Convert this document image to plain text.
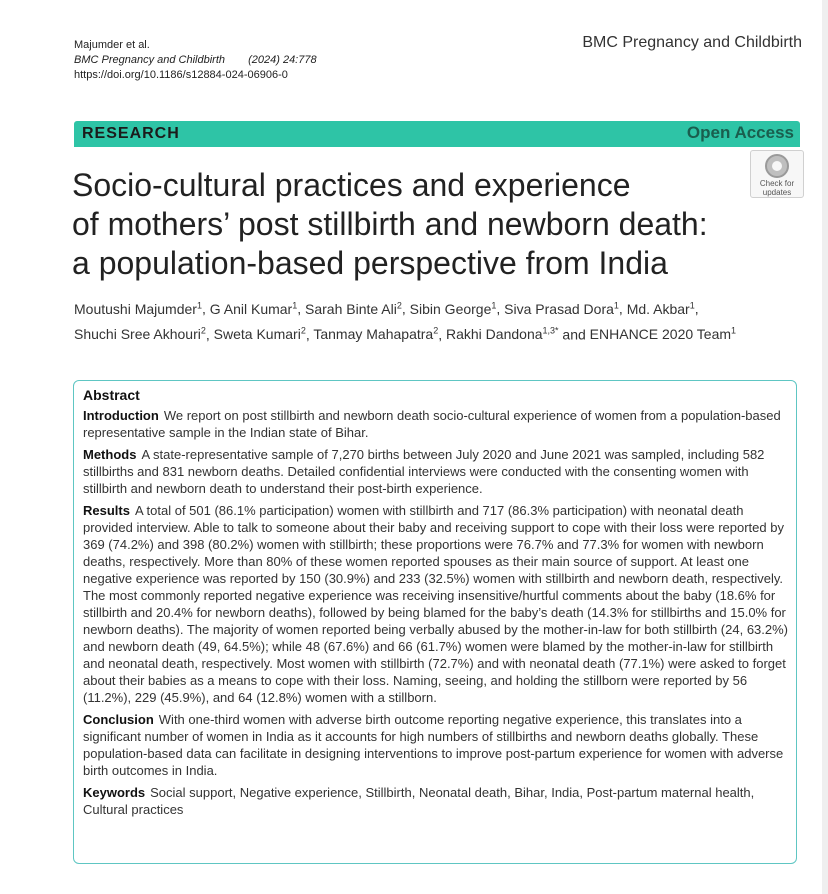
Majumder et al.
BMC Pregnancy and Childbirth (2024) 24:778
https://doi.org/10.1186/s12884-024-06906-0
BMC Pregnancy and Childbirth
RESEARCH	Open Access
Socio-cultural practices and experience
of mothers’ post stillbirth and newborn death:
a population-based perspective from India
Check for
updates
Moutushi Majumder$^1$, G Anil Kumar$^1$, Sarah Binte Ali$^2$, Sibin George$^1$, Siva Prasad Dora$^1$, Md. Akbar$^1$,
Shuchi Sree Akhouri$^2$, Sweta Kumari$^2$, Tanmay Mahapatra$^2$, Rakhi Dandona$^{1,3*}$ and ENHANCE 2020 Team$^1$
Abstract

Introduction We report on post stillbirth and newborn death socio-cultural experience of women from a population-based representative sample in the Indian state of Bihar.

Methods A state-representative sample of 7,270 births between July 2020 and June 2021 was sampled, including 582 stillbirths and 831 newborn deaths. Detailed confidential interviews were conducted with the consenting women with stillbirth and newborn death to understand their post-birth experience.

Results A total of 501 (86.1% participation) women with stillbirth and 717 (86.3% participation) with neonatal death provided interview. Able to talk to someone about their baby and receiving support to cope with their loss were reported by 369 (74.2%) and 398 (80.2%) women with stillbirth; these proportions were 76.7% and 77.3% for women with newborn deaths, respectively. More than 80% of these women reported spouses as their main source of support. At least one negative experience was reported by 150 (30.9%) and 233 (32.5%) women with stillbirth and newborn death, respectively. The most commonly reported negative experience was receiving insensitive/hurtful comments about the baby (18.6% for stillbirth and 20.4% for newborn deaths), followed by being blamed for the baby’s death (14.3% for stillbirths and 15.0% for newborn deaths). The majority of women reported being verbally abused by the mother-in-law for both stillbirth (24, 63.2%) and newborn death (49, 64.5%); while 48 (67.6%) and 66 (61.7%) women were blamed by the mother-in-law for stillbirth and neonatal death, respectively. Most women with stillbirth (72.7%) and with neonatal death (77.1%) were asked to forget about their babies as a means to cope with their loss. Naming, seeing, and holding the stillborn were reported by 56 (11.2%), 229 (45.9%), and 64 (12.8%) women with a stillborn.

Conclusion With one-third women with adverse birth outcome reporting negative experience, this translates into a significant number of women in India as it accounts for high numbers of stillbirths and newborn deaths globally. These population-based data can facilitate in designing interventions to improve post-partum experience for women with adverse birth outcomes in India.

Keywords Social support, Negative experience, Stillbirth, Neonatal death, Bihar, India, Post-partum maternal health, Cultural practices
